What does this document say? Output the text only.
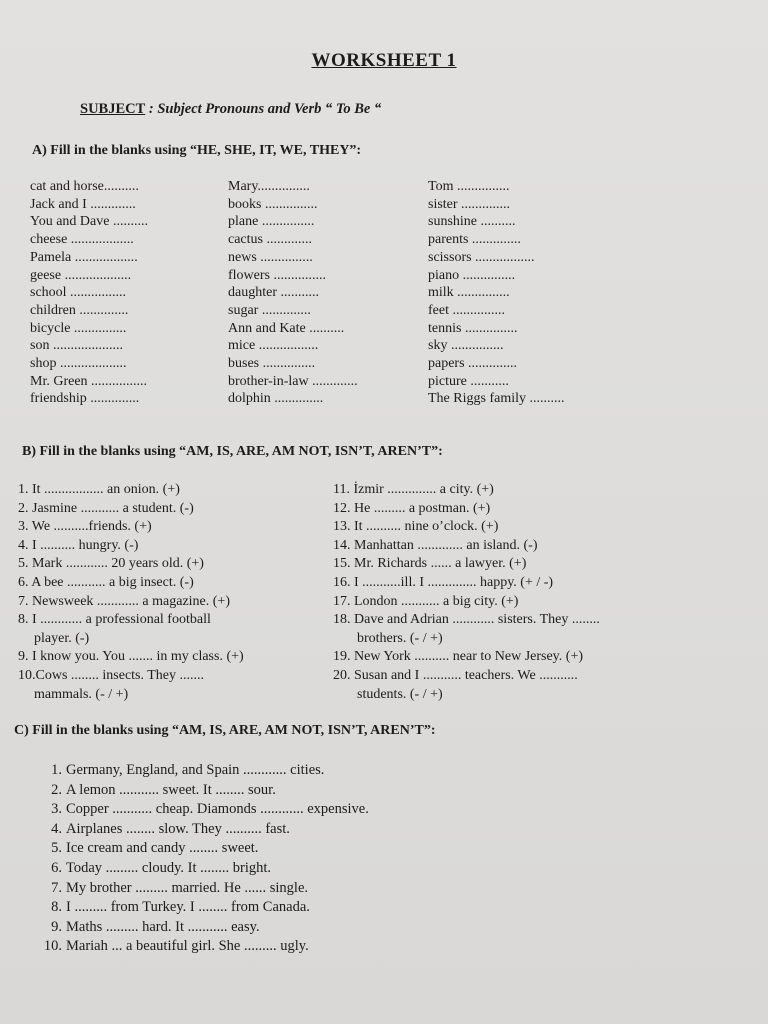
WORKSHEET 1
SUBJECT : Subject Pronouns and Verb “ To Be “
A) Fill in the blanks using “HE, SHE, IT, WE, THEY”:
cat and horse..........
Jack and I .............
You and Dave ..........
cheese ..................
Pamela ..................
geese ...................
school ................
children ..............
bicycle ...............
son ....................
shop ...................
Mr. Green ................
friendship ..............
Mary...............
books ...............
plane ...............
cactus .............
news ...............
flowers ...............
daughter ...........
sugar ..............
Ann and Kate ..........
mice .................
buses ...............
brother-in-law .............
dolphin ..............
Tom ...............
sister ..............
sunshine ..........
parents ..............
scissors .................
piano ...............
milk ...............
feet ...............
tennis ...............
sky ...............
papers ..............
picture ...........
The Riggs family ..........
B) Fill in the blanks using “AM, IS, ARE, AM NOT, ISN’T, AREN’T”:
1. It ................. an onion. (+)
2. Jasmine ........... a student. (-)
3. We ..........friends. (+)
4. I .......... hungry. (-)
5. Mark ............ 20 years old. (+)
6. A bee ........... a big insect. (-)
7. Newsweek ............ a magazine. (+)
8. I ............ a professional football
player. (-)
9. I know you. You ....... in my class. (+)
10.Cows ........ insects. They .......
mammals. (- / +)
11. İzmir .............. a city. (+)
12. He ......... a postman. (+)
13. It .......... nine o’clock. (+)
14. Manhattan ............. an island. (-)
15. Mr. Richards ...... a lawyer. (+)
16. I ...........ill. I .............. happy. (+ / -)
17. London ........... a big city. (+)
18. Dave and Adrian ............ sisters. They ........
brothers. (- / +)
19. New York .......... near to New Jersey. (+)
20. Susan and I ........... teachers. We ...........
students. (- / +)
C) Fill in the blanks using “AM, IS, ARE, AM NOT, ISN’T, AREN’T”:
1. Germany, England, and Spain ............ cities.
2. A lemon ........... sweet. It ........ sour.
3. Copper ........... cheap. Diamonds ............ expensive.
4. Airplanes ........ slow. They .......... fast.
5. Ice cream and candy ........ sweet.
6. Today ......... cloudy. It ........ bright.
7. My brother ......... married. He ...... single.
8. I ......... from Turkey. I ........ from Canada.
9. Maths ......... hard. It ........... easy.
10. Mariah ... a beautiful girl. She ......... ugly.
